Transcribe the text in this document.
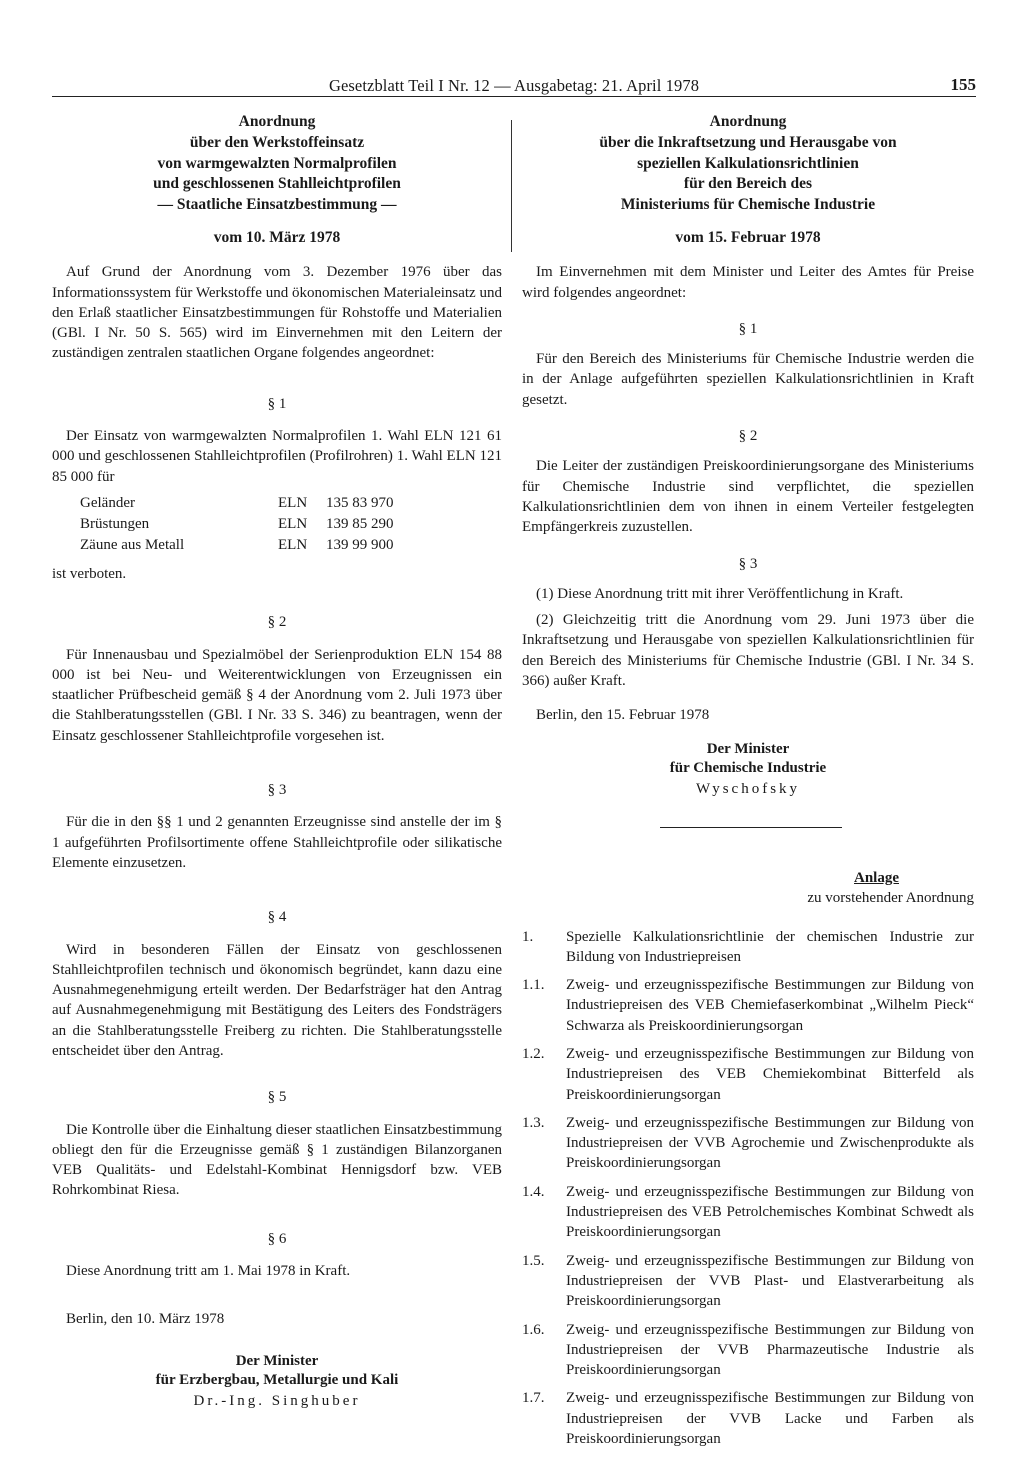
Gesetzblatt Teil I Nr. 12 — Ausgabetag: 21. April 1978	155
Anordnung
über den Werkstoffeinsatz
von warmgewalzten Normalprofilen
und geschlossenen Stahlleichtprofilen
— Staatliche Einsatzbestimmung —
vom 10. März 1978

Auf Grund der Anordnung vom 3. Dezember 1976 über das Informationssystem für Werkstoffe und ökonomischen Materialeinsatz und den Erlaß staatlicher Einsatzbestimmungen für Rohstoffe und Materialien (GBl. I Nr. 50 S. 565) wird im Einvernehmen mit den Leitern der zuständigen zentralen staatlichen Organe folgendes angeordnet:

§ 1

Der Einsatz von warmgewalzten Normalprofilen 1. Wahl ELN 121 61 000 und geschlossenen Stahlleichtprofilen (Profilrohren) 1. Wahl ELN 121 85 000 für

Geländer	ELN	135 83 970
Brüstungen	ELN	139 85 290
Zäune aus Metall	ELN	139 99 900
ist verboten.
§ 2

Für Innenausbau und Spezialmöbel der Serienproduktion ELN 154 88 000 ist bei Neu- und Weiterentwicklungen von Erzeugnissen ein staatlicher Prüfbescheid gemäß § 4 der Anordnung vom 2. Juli 1973 über die Stahlberatungsstellen (GBl. I Nr. 33 S. 346) zu beantragen, wenn der Einsatz geschlossener Stahlleichtprofile vorgesehen ist.

§ 3

Für die in den §§ 1 und 2 genannten Erzeugnisse sind anstelle der im § 1 aufgeführten Profilsortimente offene Stahlleichtprofile oder silikatische Elemente einzusetzen.

§ 4

Wird in besonderen Fällen der Einsatz von geschlossenen Stahlleichtprofilen technisch und ökonomisch begründet, kann dazu eine Ausnahmegenehmigung erteilt werden. Der Bedarfsträger hat den Antrag auf Ausnahmegenehmigung mit Bestätigung des Leiters des Fondsträgers an die Stahlberatungsstelle Freiberg zu richten. Die Stahlberatungsstelle entscheidet über den Antrag.

§ 5

Die Kontrolle über die Einhaltung dieser staatlichen Einsatzbestimmung obliegt den für die Erzeugnisse gemäß § 1 zuständigen Bilanzorganen VEB Qualitäts- und Edelstahl-Kombinat Hennigsdorf bzw. VEB Rohrkombinat Riesa.

§ 6

Diese Anordnung tritt am 1. Mai 1978 in Kraft.

Berlin, den 10. März 1978
Der Minister
für Erzbergbau, Metallurgie und Kali
Dr.-Ing. Singhuber
Anordnung
über die Inkraftsetzung und Herausgabe von
speziellen Kalkulationsrichtlinien
für den Bereich des
Ministeriums für Chemische Industrie
vom 15. Februar 1978

Im Einvernehmen mit dem Minister und Leiter des Amtes für Preise wird folgendes angeordnet:

§ 1

Für den Bereich des Ministeriums für Chemische Industrie werden die in der Anlage aufgeführten speziellen Kalkulationsrichtlinien in Kraft gesetzt.

§ 2

Die Leiter der zuständigen Preiskoordinierungsorgane des Ministeriums für Chemische Industrie sind verpflichtet, die speziellen Kalkulationsrichtlinien dem von ihnen in einem Verteiler festgelegten Empfängerkreis zuzustellen.

§ 3

(1) Diese Anordnung tritt mit ihrer Veröffentlichung in Kraft.

(2) Gleichzeitig tritt die Anordnung vom 29. Juni 1973 über die Inkraftsetzung und Herausgabe von speziellen Kalkulationsrichtlinien für den Bereich des Ministeriums für Chemische Industrie (GBl. I Nr. 34 S. 366) außer Kraft.

Berlin, den 15. Februar 1978
Der Minister
für Chemische Industrie
Wyschofsky
Anlage
zu vorstehender Anordnung
1.	Spezielle Kalkulationsrichtlinie der chemischen Industrie zur Bildung von Industriepreisen
1.1.	Zweig- und erzeugnisspezifische Bestimmungen zur Bildung von Industriepreisen des VEB Chemiefaserkombinat „Wilhelm Pieck“ Schwarza als Preiskoordinierungsorgan
1.2.	Zweig- und erzeugnisspezifische Bestimmungen zur Bildung von Industriepreisen des VEB Chemiekombinat Bitterfeld als Preiskoordinierungsorgan
1.3.	Zweig- und erzeugnisspezifische Bestimmungen zur Bildung von Industriepreisen der VVB Agrochemie und Zwischenprodukte als Preiskoordinierungsorgan
1.4.	Zweig- und erzeugnisspezifische Bestimmungen zur Bildung von Industriepreisen des VEB Petrolchemisches Kombinat Schwedt als Preiskoordinierungsorgan
1.5.	Zweig- und erzeugnisspezifische Bestimmungen zur Bildung von Industriepreisen der VVB Plast- und Elastverarbeitung als Preiskoordinierungsorgan
1.6.	Zweig- und erzeugnisspezifische Bestimmungen zur Bildung von Industriepreisen der VVB Pharmazeutische Industrie als Preiskoordinierungsorgan
1.7.	Zweig- und erzeugnisspezifische Bestimmungen zur Bildung von Industriepreisen der VVB Lacke und Farben als Preiskoordinierungsorgan
